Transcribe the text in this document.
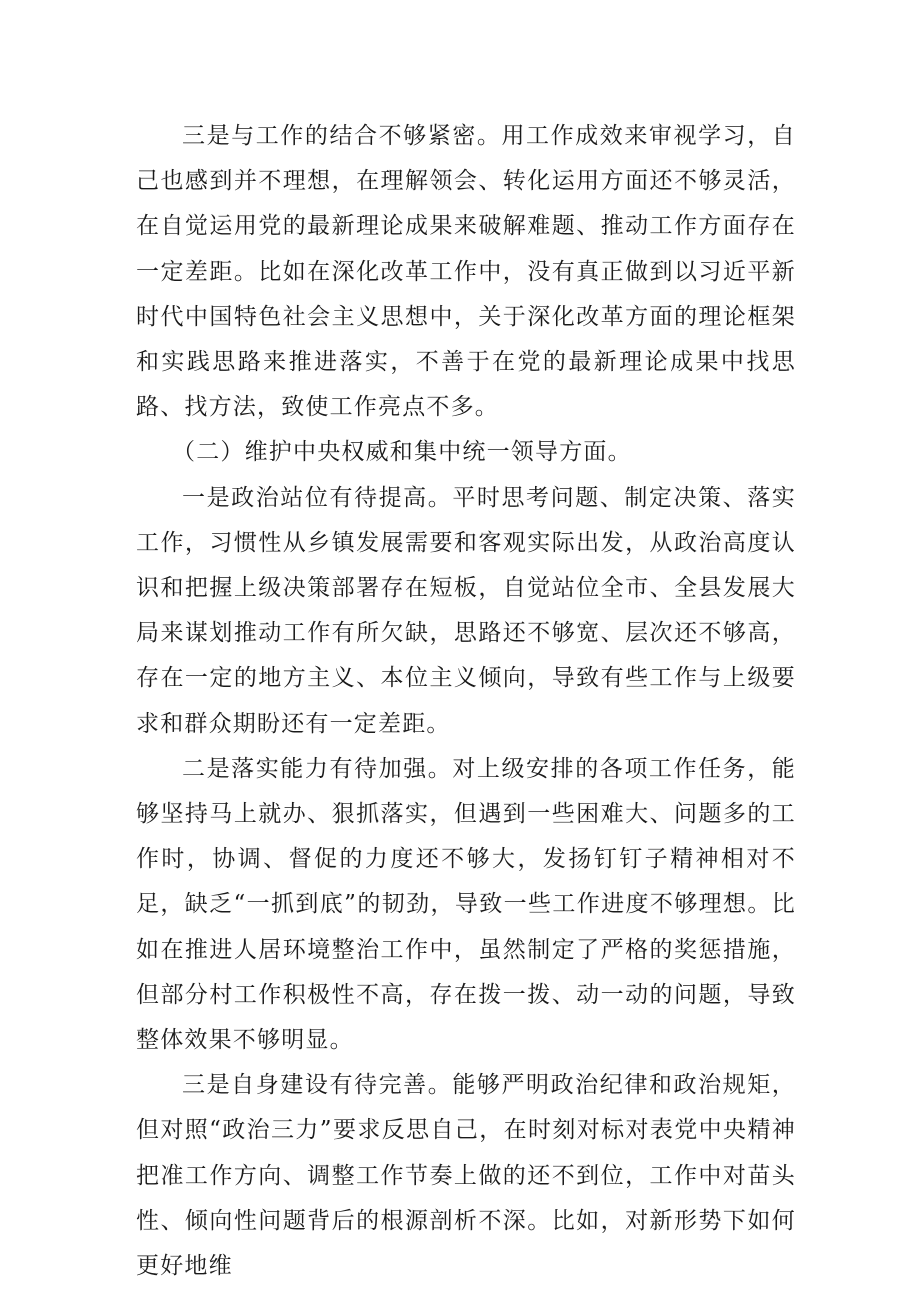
三是与工作的结合不够紧密。用工作成效来审视学习，自己也感到并不理想，在理解领会、转化运用方面还不够灵活，在自觉运用党的最新理论成果来破解难题、推动工作方面存在一定差距。比如在深化改革工作中，没有真正做到以习近平新时代中国特色社会主义思想中，关于深化改革方面的理论框架和实践思路来推进落实，不善于在党的最新理论成果中找思路、找方法，致使工作亮点不多。

（二）维护中央权威和集中统一领导方面。

一是政治站位有待提高。平时思考问题、制定决策、落实工作，习惯性从乡镇发展需要和客观实际出发，从政治高度认识和把握上级决策部署存在短板，自觉站位全市、全县发展大局来谋划推动工作有所欠缺，思路还不够宽、层次还不够高，存在一定的地方主义、本位主义倾向，导致有些工作与上级要求和群众期盼还有一定差距。

二是落实能力有待加强。对上级安排的各项工作任务，能够坚持马上就办、狠抓落实，但遇到一些困难大、问题多的工作时，协调、督促的力度还不够大，发扬钉钉子精神相对不足，缺乏“一抓到底”的韧劲，导致一些工作进度不够理想。比如在推进人居环境整治工作中，虽然制定了严格的奖惩措施，但部分村工作积极性不高，存在拨一拨、动一动的问题，导致整体效果不够明显。

三是自身建设有待完善。能够严明政治纪律和政治规矩，但对照“政治三力”要求反思自己，在时刻对标对表党中央精神把准工作方向、调整工作节奏上做的还不到位，工作中对苗头性、倾向性问题背后的根源剖析不深。比如，对新形势下如何更好地维
